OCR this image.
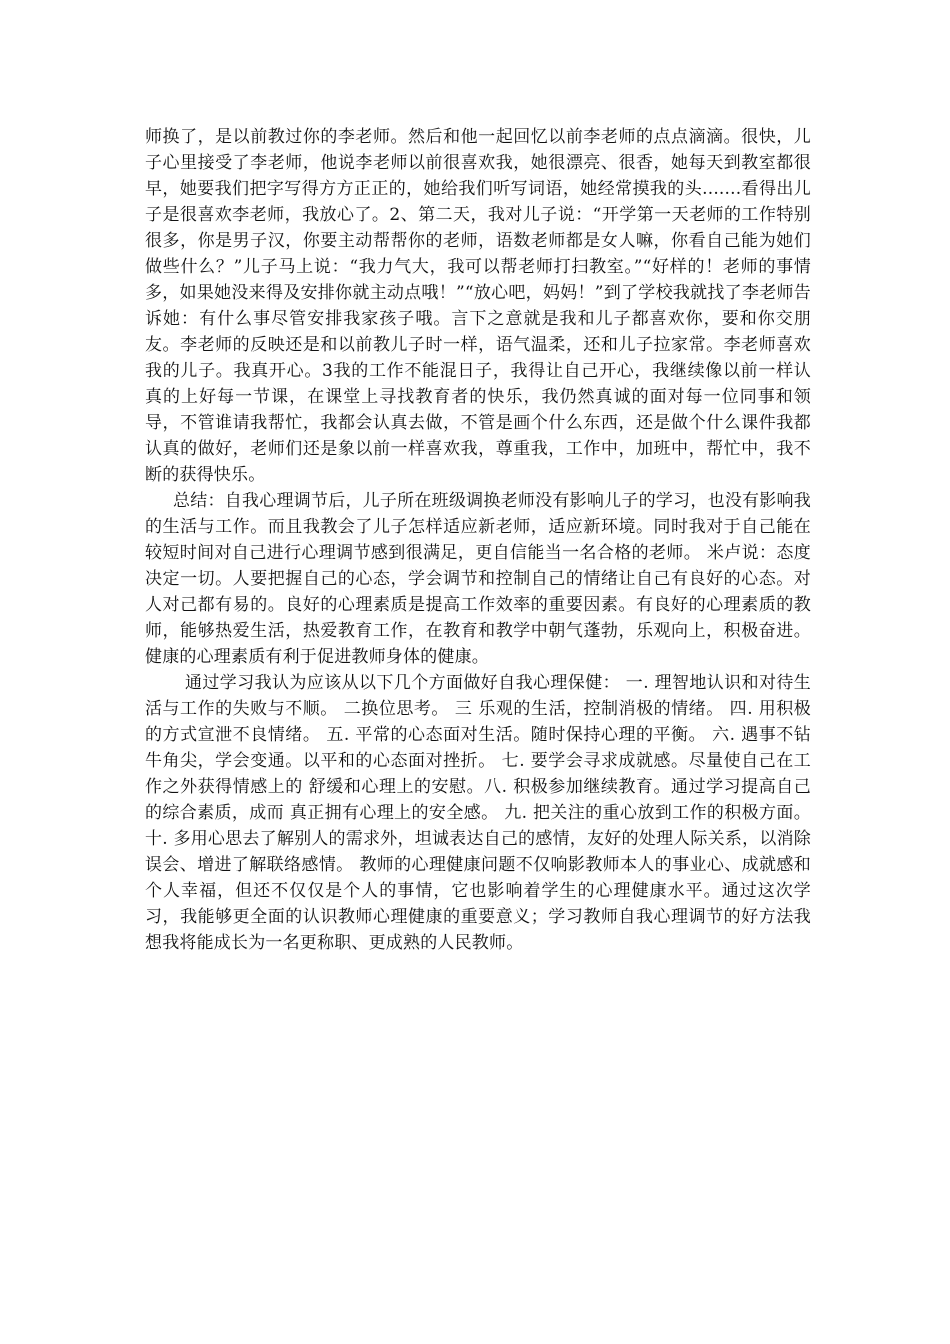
师换了，是以前教过你的李老师。然后和他一起回忆以前李老师的点点滴滴。很快，儿子心里接受了李老师，他说李老师以前很喜欢我，她很漂亮、很香，她每天到教室都很早，她要我们把字写得方方正正的，她给我们听写词语，她经常摸我的头.......看得出儿子是很喜欢李老师，我放心了。2、第二天，我对儿子说：“开学第一天老师的工作特别很多，你是男子汉，你要主动帮帮你的老师，语数老师都是女人嘛，你看自己能为她们做些什么？”儿子马上说：“我力气大，我可以帮老师打扫教室。”“好样的！老师的事情多，如果她没来得及安排你就主动点哦！”“放心吧，妈妈！”到了学校我就找了李老师告诉她：有什么事尽管安排我家孩子哦。言下之意就是我和儿子都喜欢你，要和你交朋友。李老师的反映还是和以前教儿子时一样，语气温柔，还和儿子拉家常。李老师喜欢我的儿子。我真开心。3我的工作不能混日子，我得让自己开心，我继续像以前一样认 真的上好每一节课，在课堂上寻找教育者的快乐，我仍然真诚的面对每一位同事和领导，不管谁请我帮忙，我都会认真去做，不管是画个什么东西，还是做个什么课件我都认真的做好，老师们还是象以前一样喜欢我，尊重我，工作中，加班中，帮忙中，我不断的获得快乐。

总结：自我心理调节后，儿子所在班级调换老师没有影响儿子的学习，也没有影响我的生活与工作。而且我教会了儿子怎样适应新老师，适应新环境。同时我对于自己能在较短时间对自己进行心理调节感到很满足，更自信能当一名合格的老师。 米卢说：态度决定一切。人要把握自己的心态，学会调节和控制自己的情绪让自己有良好的心态。对人对己都有易的。良好的心理素质是提高工作效率的重要因素。有良好的心理素质的教师，能够热爱生活，热爱教育工作，在教育和教学中朝气蓬勃，乐观向上，积极奋进。健康的心理素质有利于促进教师身体的健康。

通过学习我认为应该从以下几个方面做好自我心理保健： 一. 理智地认识和对待生活与工作的失败与不顺。 二换位思考。 三 乐观的生活，控制消极的情绪。 四. 用积极的方式宣泄不良情绪。 五. 平常的心态面对生活。随时保持心理的平衡。 六. 遇事不钻牛角尖，学会变通。以平和的心态面对挫折。 七. 要学会寻求成就感。尽量使自己在工作之外获得情感上的 舒缓和心理上的安慰。八. 积极参加继续教育。通过学习提高自己的综合素质，成而 真正拥有心理上的安全感。 九. 把关注的重心放到工作的积极方面。 十. 多用心思去了解别人的需求外，坦诚表达自己的感情，友好的处理人际关系，以消除误会、增进了解联络感情。 教师的心理健康问题不仅响影教师本人的事业心、成就感和个人幸福，但还不仅仅是个人的事情，它也影响着学生的心理健康水平。通过这次学习，我能够更全面的认识教师心理健康的重要意义；学习教师自我心理调节的好方法我想我将能成长为一名更称职、更成熟的人民教师。
